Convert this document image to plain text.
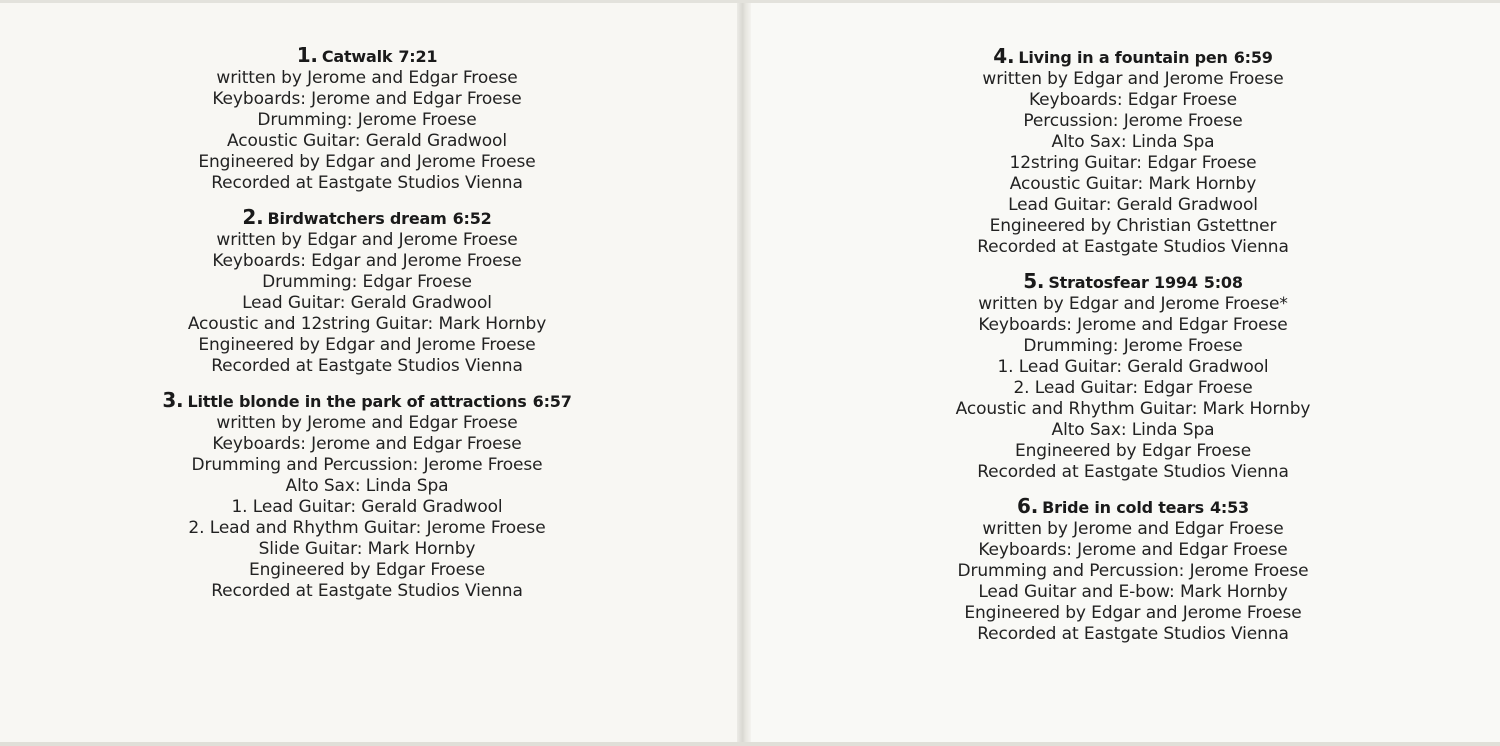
1. Catwalk 7:21
written by Jerome and Edgar Froese
Keyboards: Jerome and Edgar Froese
Drumming: Jerome Froese
Acoustic Guitar: Gerald Gradwool
Engineered by Edgar and Jerome Froese
Recorded at Eastgate Studios Vienna
2. Birdwatchers dream 6:52
written by Edgar and Jerome Froese
Keyboards: Edgar and Jerome Froese
Drumming: Edgar Froese
Lead Guitar: Gerald Gradwool
Acoustic and 12string Guitar: Mark Hornby
Engineered by Edgar and Jerome Froese
Recorded at Eastgate Studios Vienna
3. Little blonde in the park of attractions 6:57
written by Jerome and Edgar Froese
Keyboards: Jerome and Edgar Froese
Drumming and Percussion: Jerome Froese
Alto Sax: Linda Spa
1. Lead Guitar: Gerald Gradwool
2. Lead and Rhythm Guitar: Jerome Froese
Slide Guitar: Mark Hornby
Engineered by Edgar Froese
Recorded at Eastgate Studios Vienna
4. Living in a fountain pen 6:59
written by Edgar and Jerome Froese
Keyboards: Edgar Froese
Percussion: Jerome Froese
Alto Sax: Linda Spa
12string Guitar: Edgar Froese
Acoustic Guitar: Mark Hornby
Lead Guitar: Gerald Gradwool
Engineered by Christian Gstettner
Recorded at Eastgate Studios Vienna
5. Stratosfear 1994 5:08
written by Edgar and Jerome Froese*
Keyboards: Jerome and Edgar Froese
Drumming: Jerome Froese
1. Lead Guitar: Gerald Gradwool
2. Lead Guitar: Edgar Froese
Acoustic and Rhythm Guitar: Mark Hornby
Alto Sax: Linda Spa
Engineered by Edgar Froese
Recorded at Eastgate Studios Vienna
6. Bride in cold tears 4:53
written by Jerome and Edgar Froese
Keyboards: Jerome and Edgar Froese
Drumming and Percussion: Jerome Froese
Lead Guitar and E-bow: Mark Hornby
Engineered by Edgar and Jerome Froese
Recorded at Eastgate Studios Vienna
